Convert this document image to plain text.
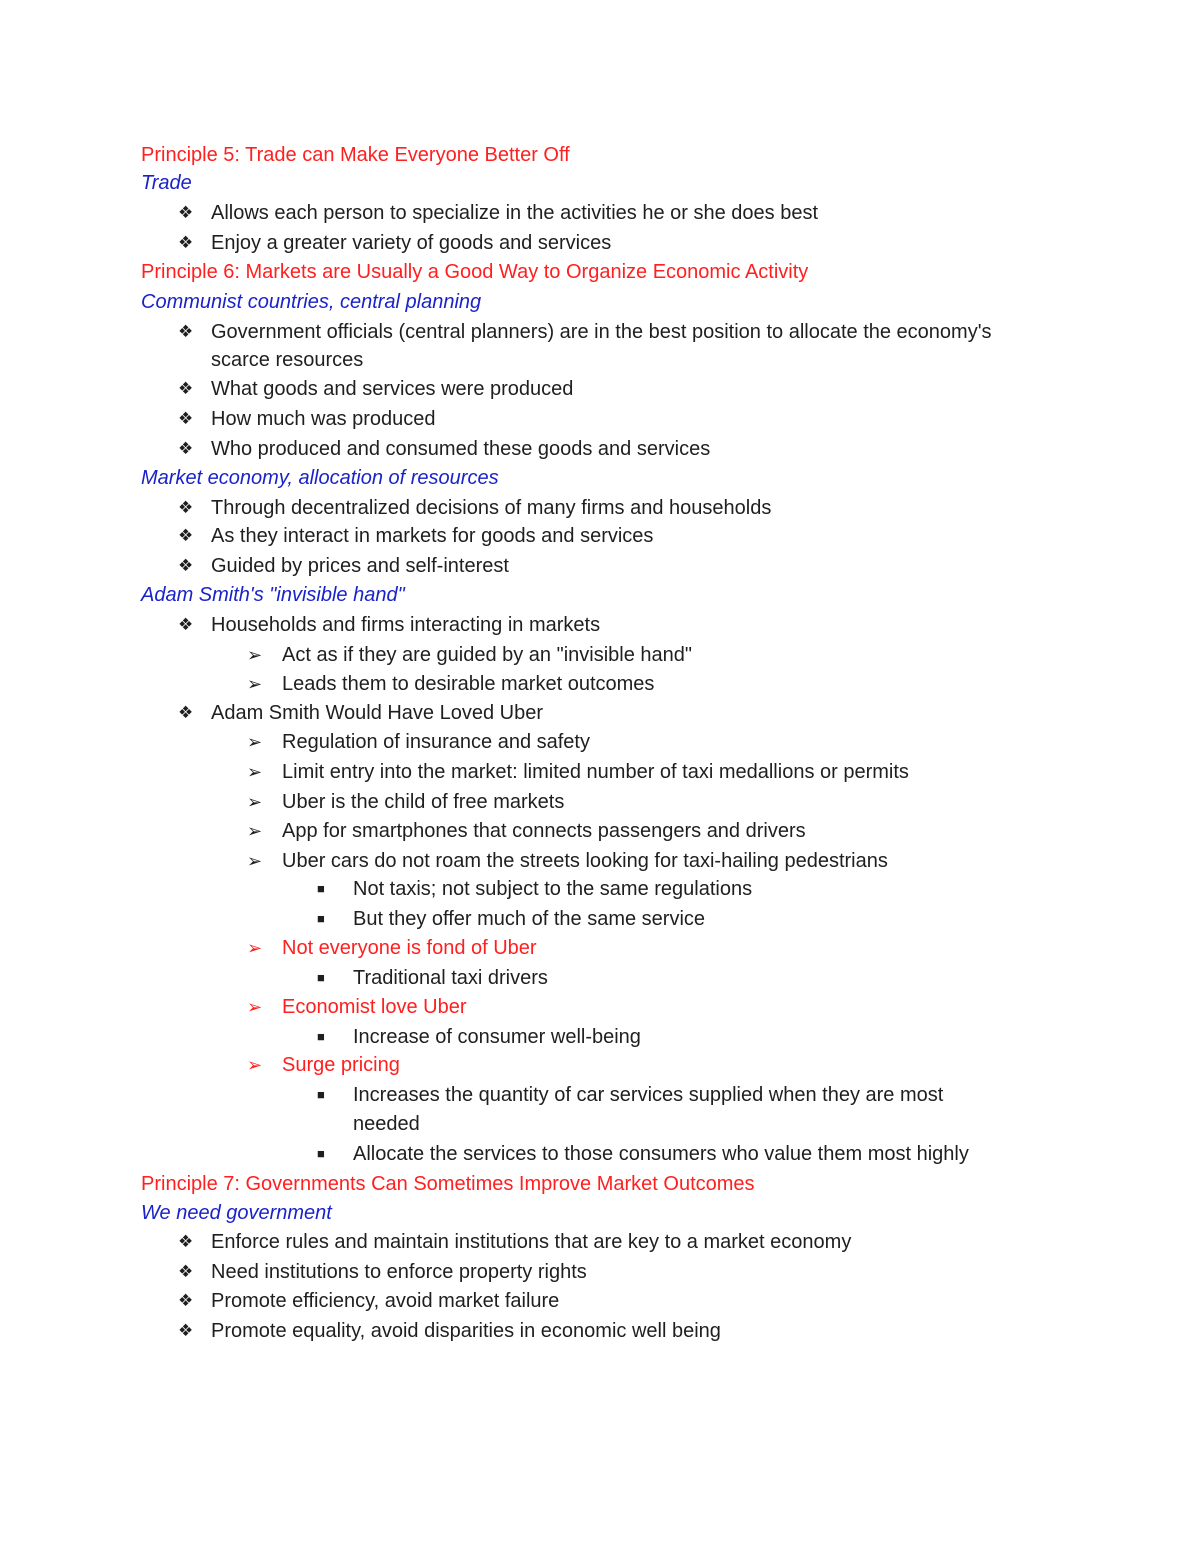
Principle 5: Trade can Make Everyone Better Off
Trade
❖ Allows each person to specialize in the activities he or she does best
❖ Enjoy a greater variety of goods and services
Principle 6: Markets are Usually a Good Way to Organize Economic Activity
Communist countries, central planning
❖ Government officials (central planners) are in the best position to allocate the economy's
scarce resources
❖ What goods and services were produced
❖ How much was produced
❖ Who produced and consumed these goods and services
Market economy, allocation of resources
❖ Through decentralized decisions of many firms and households
❖ As they interact in markets for goods and services
❖ Guided by prices and self-interest
Adam Smith's "invisible hand"
❖ Households and firms interacting in markets
➢ Act as if they are guided by an "invisible hand"
➢ Leads them to desirable market outcomes
❖ Adam Smith Would Have Loved Uber
➢ Regulation of insurance and safety
➢ Limit entry into the market: limited number of taxi medallions or permits
➢ Uber is the child of free markets
➢ App for smartphones that connects passengers and drivers
➢ Uber cars do not roam the streets looking for taxi-hailing pedestrians
■ Not taxis; not subject to the same regulations
■ But they offer much of the same service
➢ Not everyone is fond of Uber
■ Traditional taxi drivers
➢ Economist love Uber
■ Increase of consumer well-being
➢ Surge pricing
■ Increases the quantity of car services supplied when they are most
needed
■ Allocate the services to those consumers who value them most highly
Principle 7: Governments Can Sometimes Improve Market Outcomes
We need government
❖ Enforce rules and maintain institutions that are key to a market economy
❖ Need institutions to enforce property rights
❖ Promote efficiency, avoid market failure
❖ Promote equality, avoid disparities in economic well being
